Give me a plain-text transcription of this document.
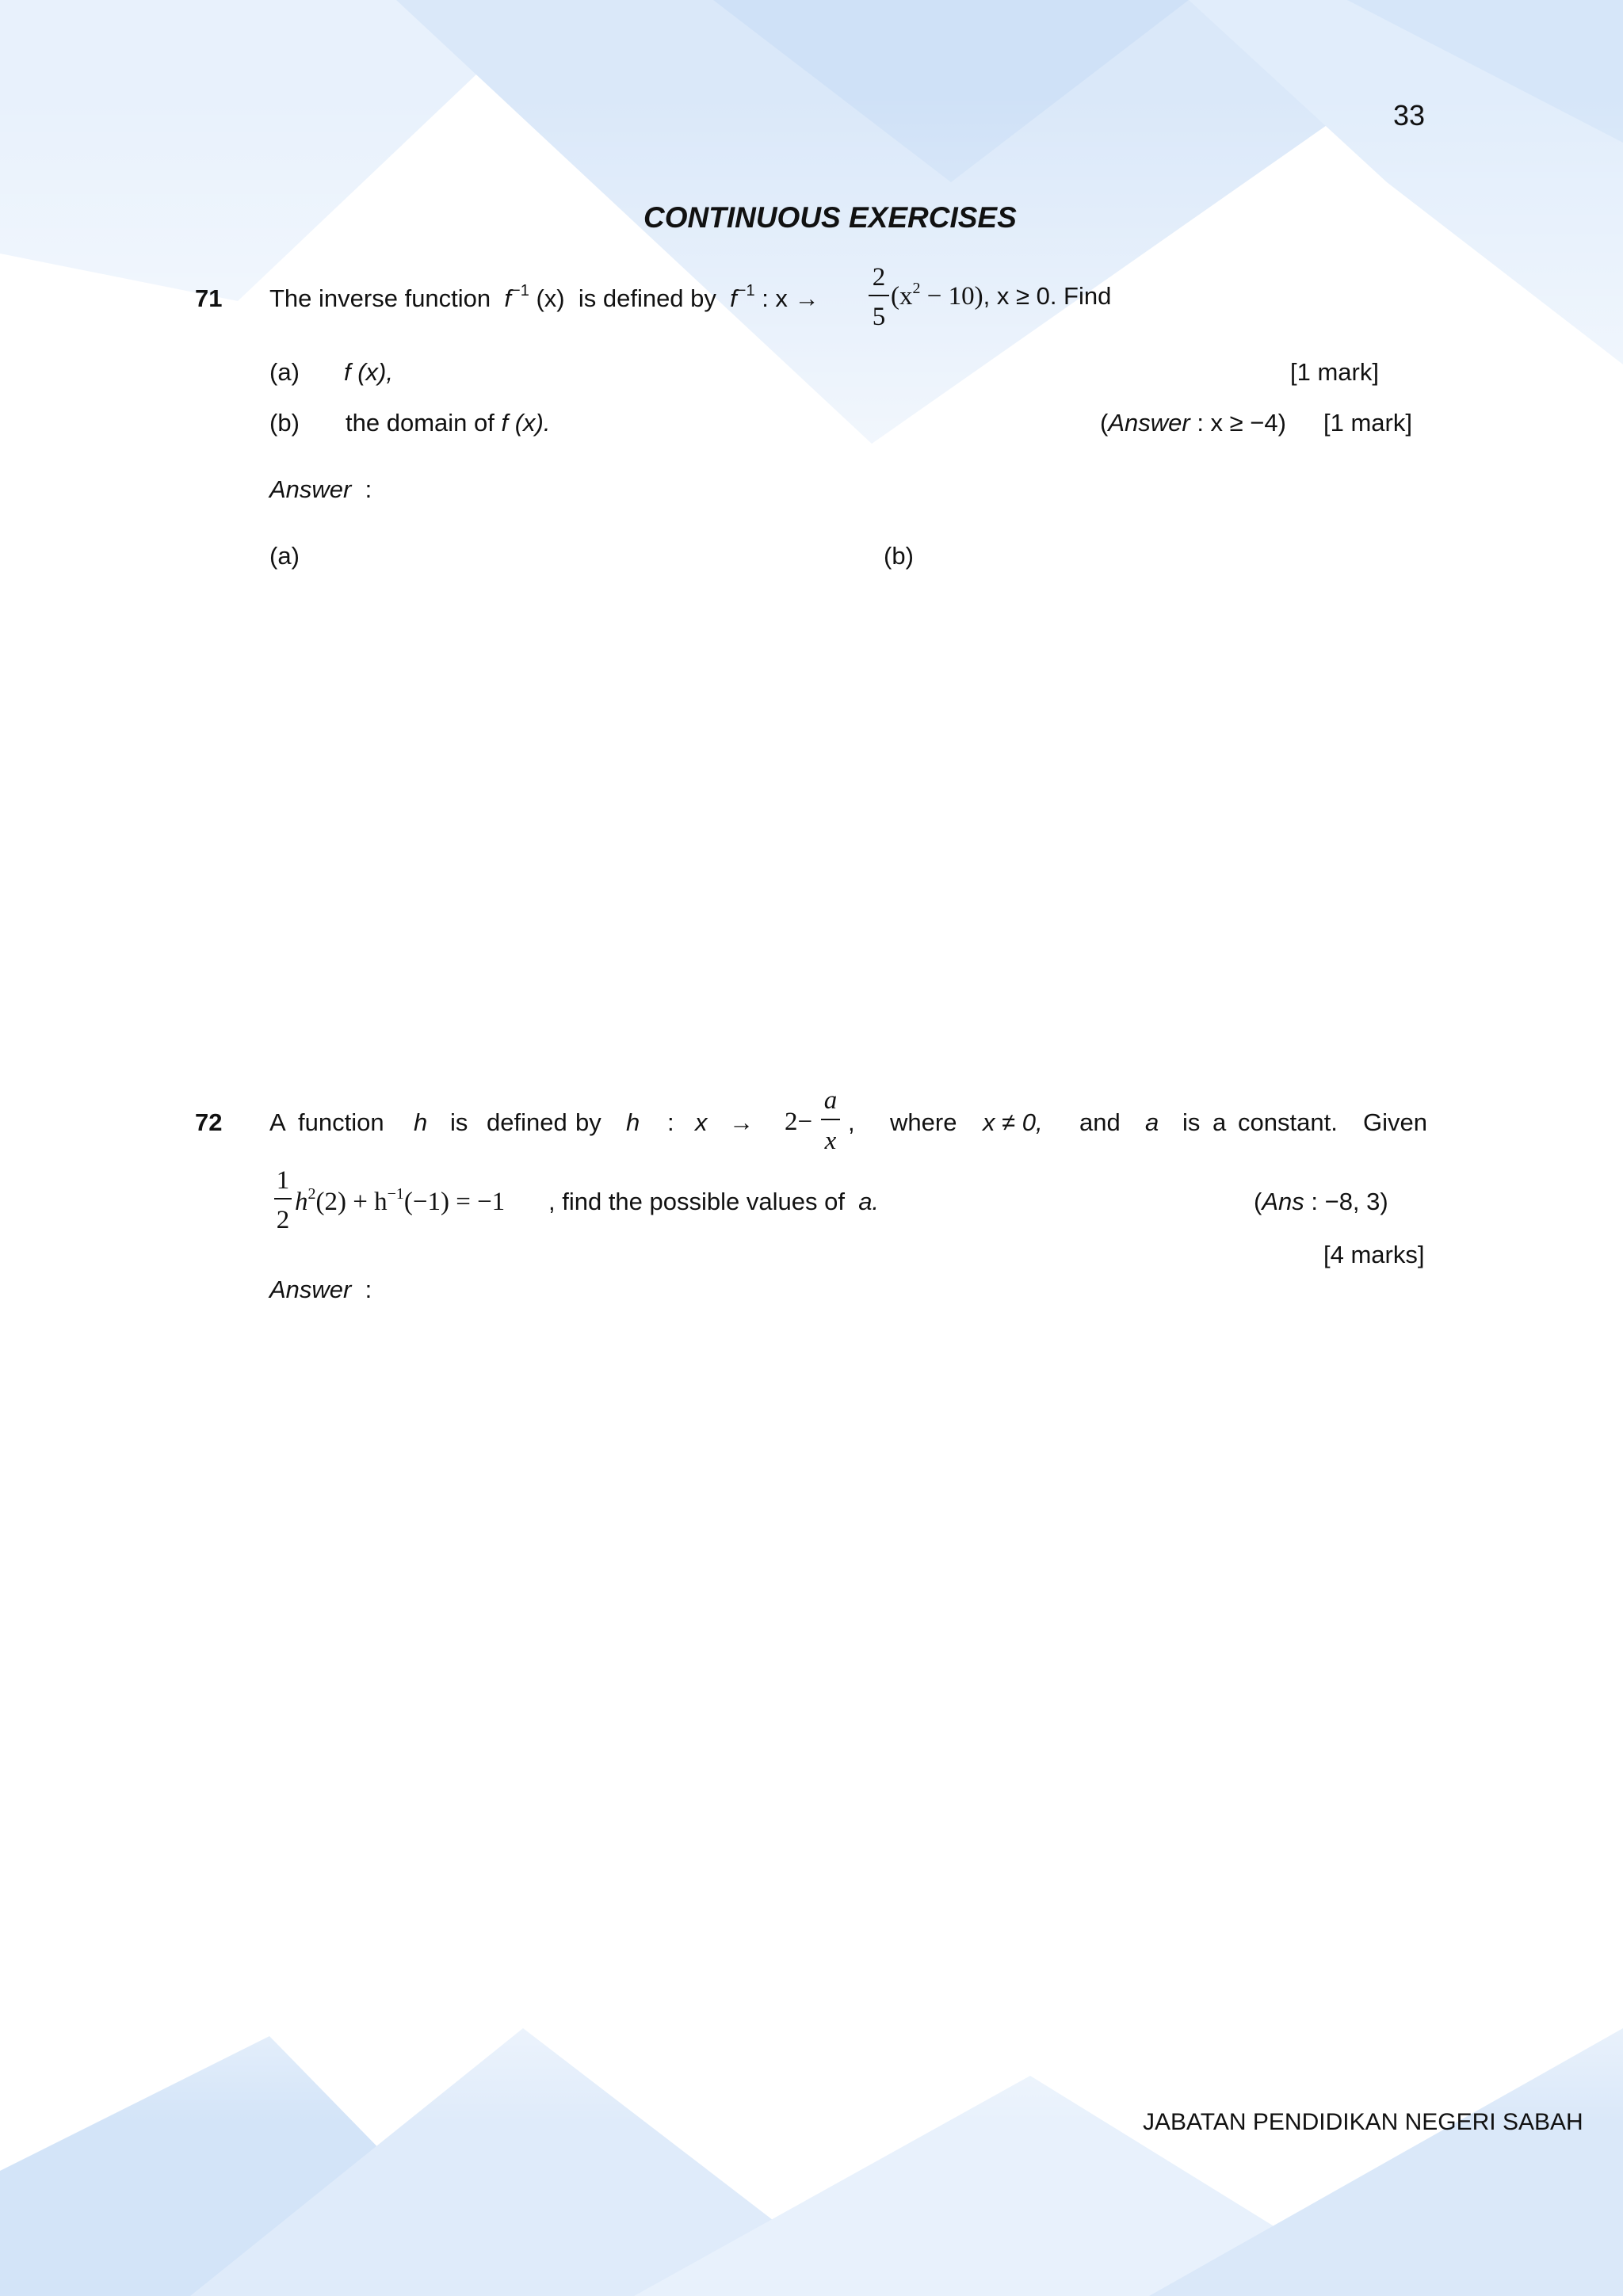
33
CONTINUOUS EXERCISES
71 The inverse function $f^{-1}$ (x) is defined by $f^{-1}$ : x →
2
5
$(x^2 - 10)$, x ≥ 0. Find
(a) f (x),	[1 mark]
(b) the domain of f (x).	(Answer : x ≥ −4) [1 mark]
Answer :
(a)	(b)
72 A function h is defined by h : x → 2−
a
x
, where x ≠ 0, and a is a constant. Given
1
2
$h^2(2) + h^{-1}(-1) = -1$ , find the possible values of a.	(Ans : −8, 3)
[4 marks]
Answer :
JABATAN PENDIDIKAN NEGERI SABAH
